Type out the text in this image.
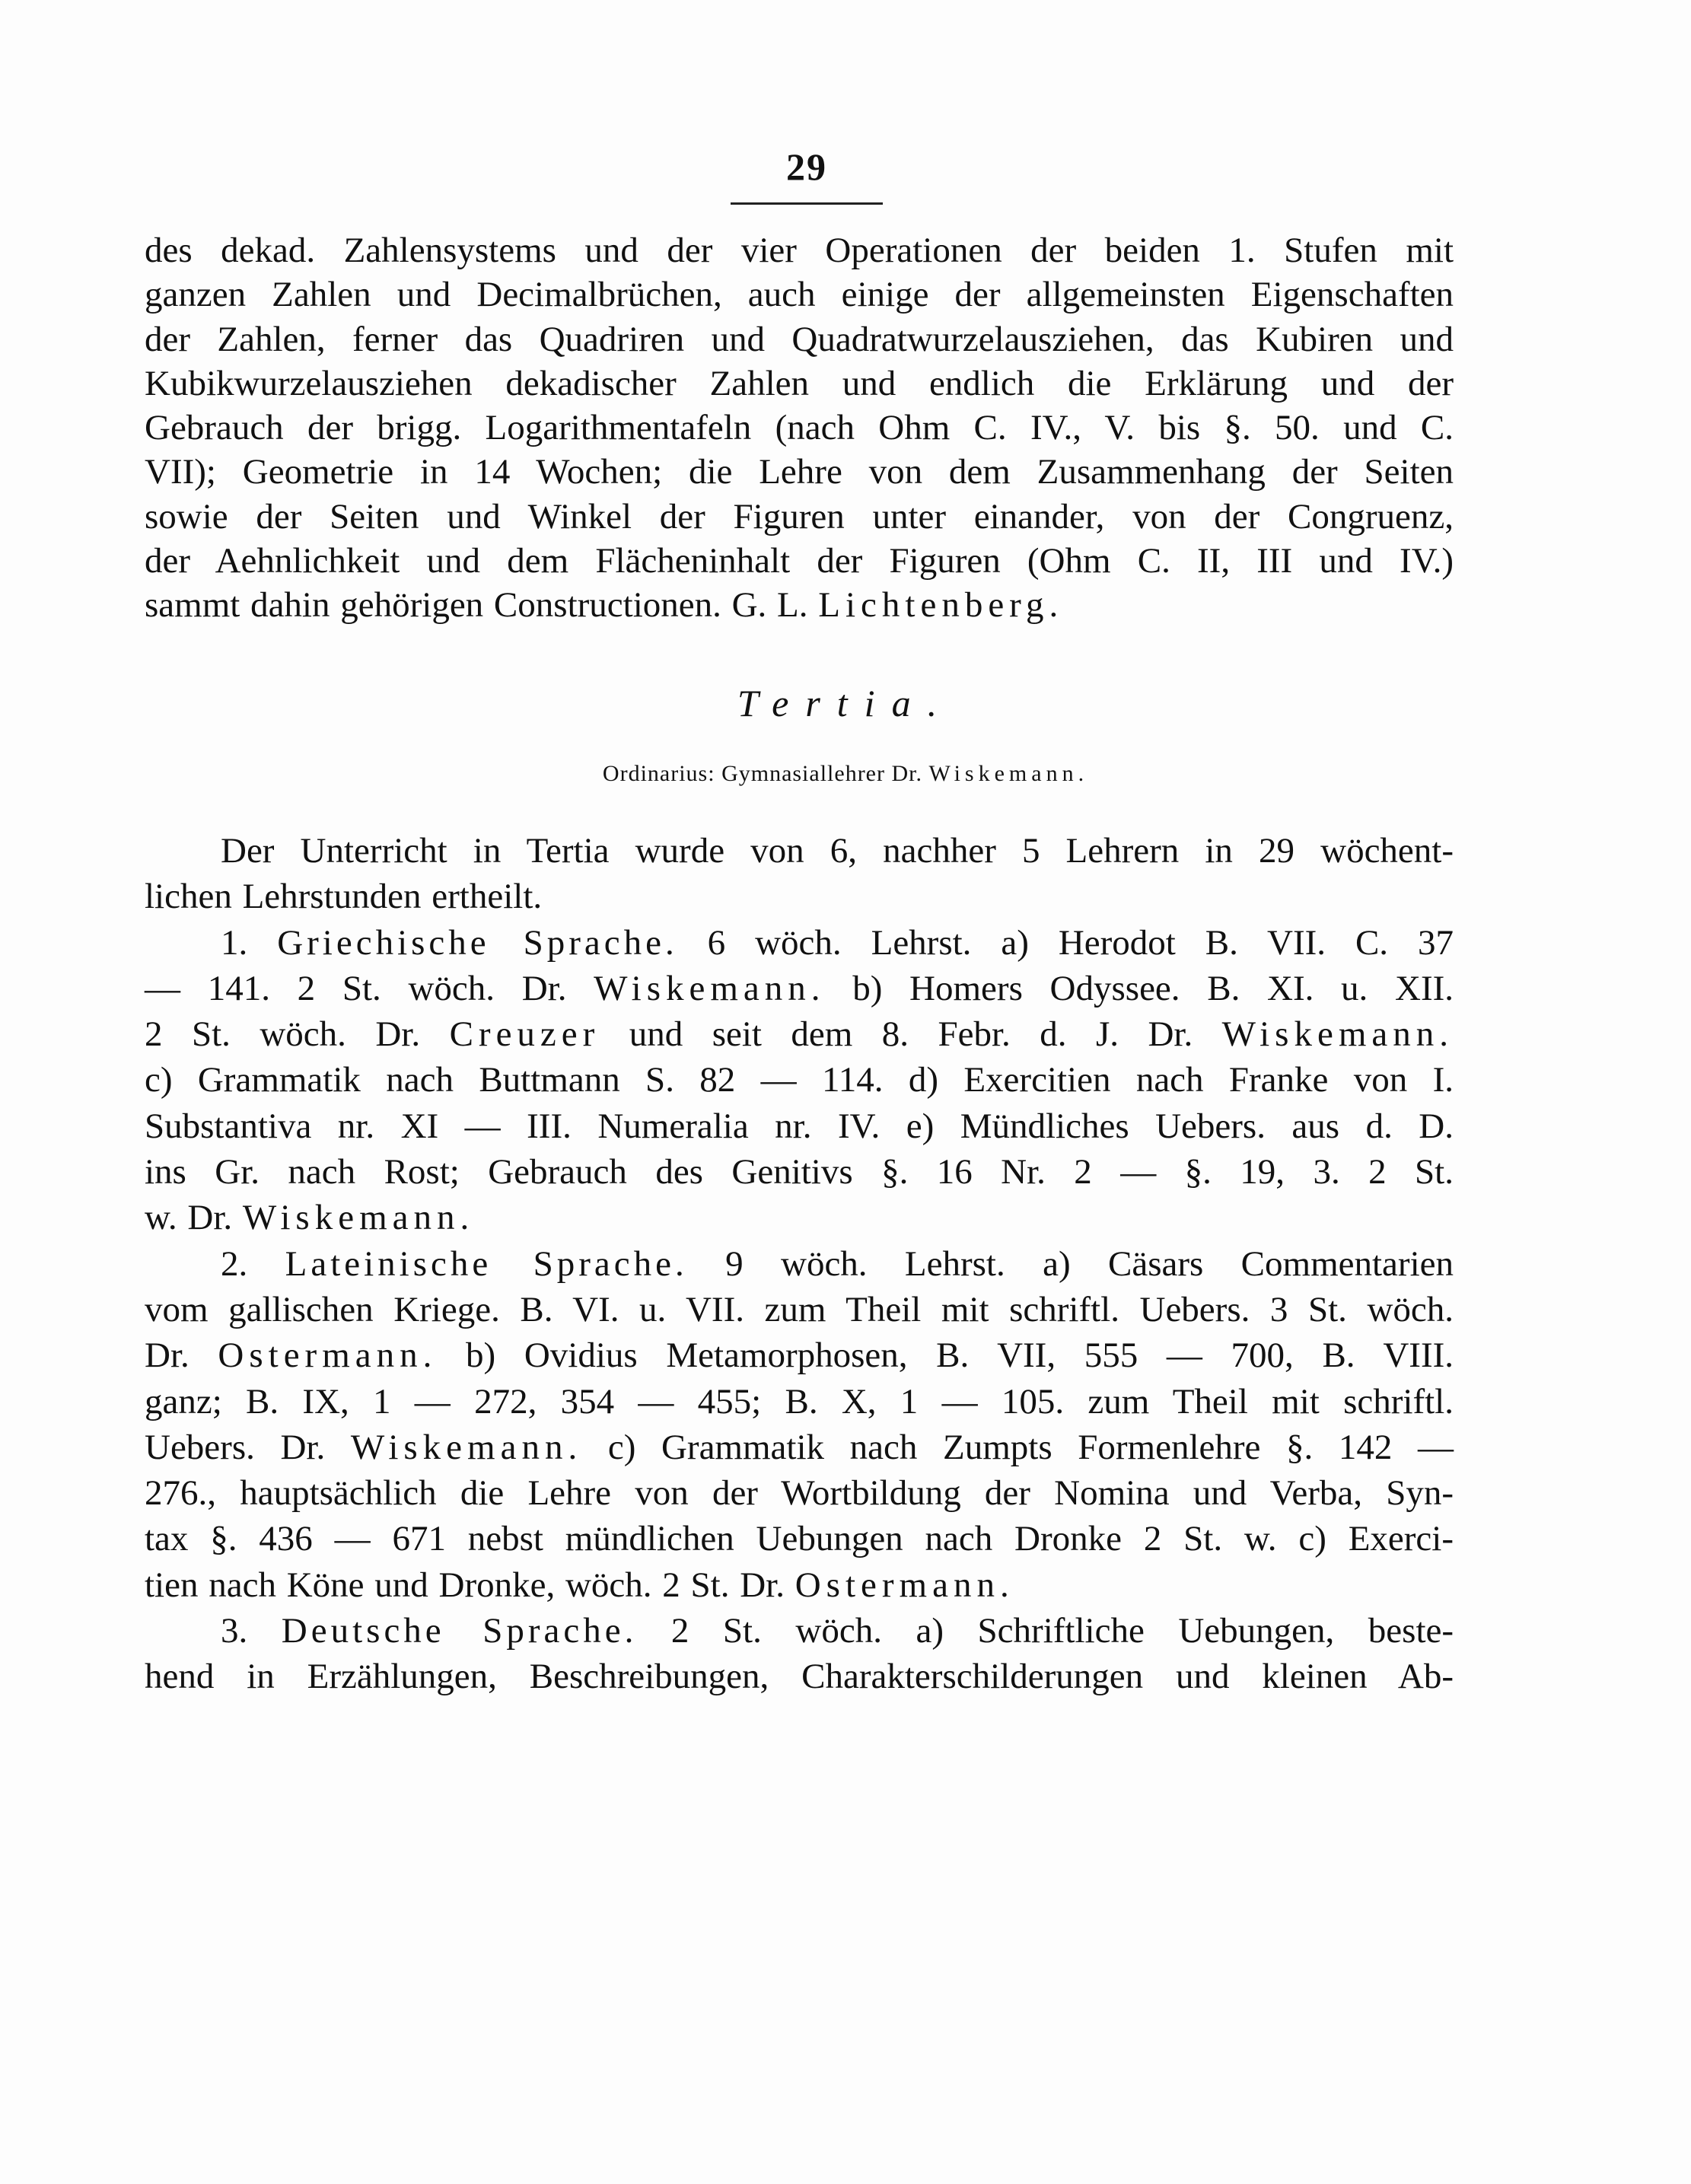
29
des dekad. Zahlensystems und der vier Operationen der beiden 1. Stufen mit
ganzen Zahlen und Decimalbrüchen, auch einige der allgemeinsten Eigenschaften
der Zahlen, ferner das Quadriren und Quadratwurzelausziehen, das Kubiren und
Kubikwurzelausziehen dekadischer Zahlen und endlich die Erklärung und der
Gebrauch der brigg. Logarithmentafeln (nach Ohm C. IV., V. bis §. 50. und C.
VII); Geometrie in 14 Wochen; die Lehre von dem Zusammenhang der Seiten
sowie der Seiten und Winkel der Figuren unter einander, von der Congruenz,
der Aehnlichkeit und dem Flächeninhalt der Figuren (Ohm C. II, III und IV.)
sammt dahin gehörigen Constructionen. G. L. Lichtenberg.
Tertia.
Ordinarius: Gymnasiallehrer Dr. Wiskemann.
Der Unterricht in Tertia wurde von 6, nachher 5 Lehrern in 29 wöchent-
lichen Lehrstunden ertheilt.
1. Griechische Sprache. 6 wöch. Lehrst. a) Herodot B. VII. C. 37
— 141. 2 St. wöch. Dr. Wiskemann. b) Homers Odyssee. B. XI. u. XII.
2 St. wöch. Dr. Creuzer und seit dem 8. Febr. d. J. Dr. Wiskemann.
c) Grammatik nach Buttmann S. 82 — 114. d) Exercitien nach Franke von I.
Substantiva nr. XI — III. Numeralia nr. IV. e) Mündliches Uebers. aus d. D.
ins Gr. nach Rost; Gebrauch des Genitivs §. 16 Nr. 2 — §. 19, 3. 2 St.
w. Dr. Wiskemann.
2. Lateinische Sprache. 9 wöch. Lehrst. a) Cäsars Commentarien
vom gallischen Kriege. B. VI. u. VII. zum Theil mit schriftl. Uebers. 3 St. wöch.
Dr. Ostermann. b) Ovidius Metamorphosen, B. VII, 555 — 700, B. VIII.
ganz; B. IX, 1 — 272, 354 — 455; B. X, 1 — 105. zum Theil mit schriftl.
Uebers. Dr. Wiskemann. c) Grammatik nach Zumpts Formenlehre §. 142 —
276., hauptsächlich die Lehre von der Wortbildung der Nomina und Verba, Syn-
tax §. 436 — 671 nebst mündlichen Uebungen nach Dronke 2 St. w. c) Exerci-
tien nach Köne und Dronke, wöch. 2 St. Dr. Ostermann.
3. Deutsche Sprache. 2 St. wöch. a) Schriftliche Uebungen, beste-
hend in Erzählungen, Beschreibungen, Charakterschilderungen und kleinen Ab-
